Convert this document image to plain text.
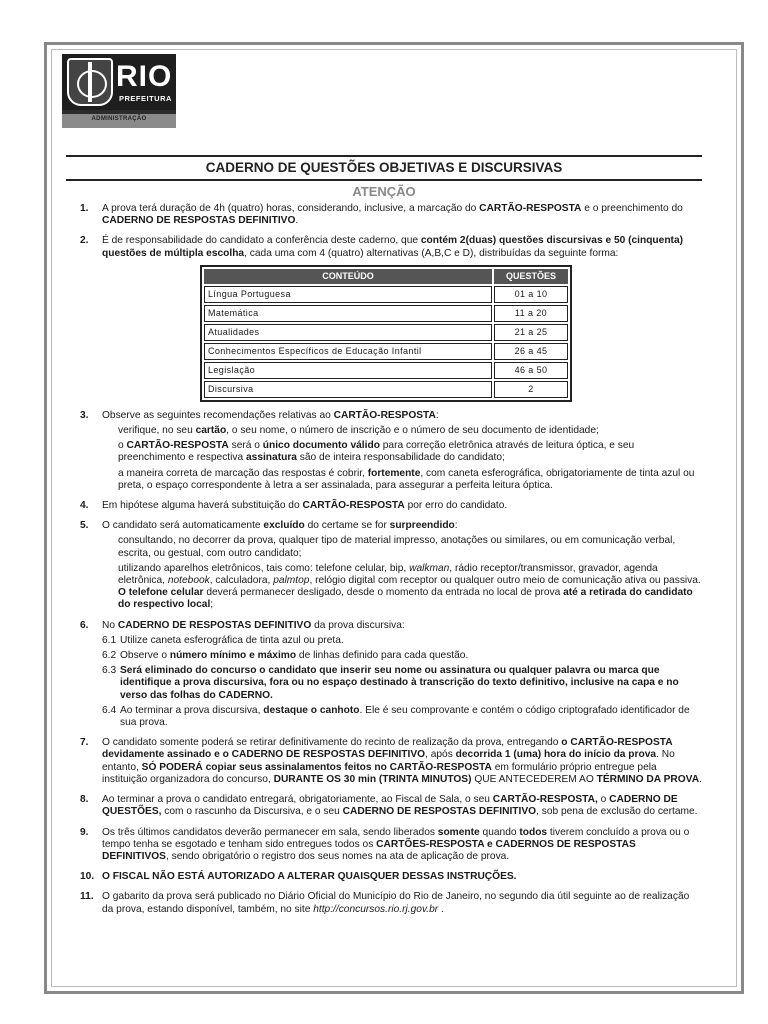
RIO
PREFEITURA
ADMINISTRAÇÃO
CADERNO DE QUESTÕES OBJETIVAS E DISCURSIVAS
ATENÇÃO
1. A prova terá duração de 4h (quatro) horas, considerando, inclusive, a marcação do CARTÃO-RESPOSTA e o preenchimento do CADERNO DE RESPOSTAS DEFINITIVO.
2. É de responsabilidade do candidato a conferência deste caderno, que contém 2(duas) questões discursivas e 50 (cinquenta) questões de múltipla escolha, cada uma com 4 (quatro) alternativas (A,B,C e D), distribuídas da seguinte forma:
CONTEÚDO	QUESTÕES
Língua Portuguesa	01 a 10
Matemática	11 a 20
Atualidades	21 a 25
Conhecimentos Específicos de Educação Infantil	26 a 45
Legislação	46 a 50
Discursiva	2
3. Observe as seguintes recomendações relativas ao CARTÃO-RESPOSTA:

verifique, no seu cartão, o seu nome, o número de inscrição e o número de seu documento de identidade;

o CARTÃO-RESPOSTA será o único documento válido para correção eletrônica através de leitura óptica, e seu preenchimento e respectiva assinatura são de inteira responsabilidade do candidato;

a maneira correta de marcação das respostas é cobrir, fortemente, com caneta esferográfica, obrigatoriamente de tinta azul ou preta, o espaço correspondente à letra a ser assinalada, para assegurar a perfeita leitura óptica.

4. Em hipótese alguma haverá substituição do CARTÃO-RESPOSTA por erro do candidato.
5. O candidato será automaticamente excluído do certame se for surpreendido:

consultando, no decorrer da prova, qualquer tipo de material impresso, anotações ou similares, ou em comunicação verbal, escrita, ou gestual, com outro candidato;

utilizando aparelhos eletrônicos, tais como: telefone celular, bip, walkman, rádio receptor/transmissor, gravador, agenda eletrônica, notebook, calculadora, palmtop, relógio digital com receptor ou qualquer outro meio de comunicação ativa ou passiva. O telefone celular deverá permanecer desligado, desde o momento da entrada no local de prova até a retirada do candidato do respectivo local;

6. No CADERNO DE RESPOSTAS DEFINITIVO da prova discursiva:
6.1 Utilize caneta esferográfica de tinta azul ou preta.
6.2 Observe o número mínimo e máximo de linhas definido para cada questão.
6.3 Será eliminado do concurso o candidato que inserir seu nome ou assinatura ou qualquer palavra ou marca que identifique a prova discursiva, fora ou no espaço destinado à transcrição do texto definitivo, inclusive na capa e no verso das folhas do CADERNO.
6.4 Ao terminar a prova discursiva, destaque o canhoto. Ele é seu comprovante e contém o código criptografado identificador de sua prova.
7. O candidato somente poderá se retirar definitivamente do recinto de realização da prova, entregando o CARTÃO-RESPOSTA devidamente assinado e o CADERNO DE RESPOSTAS DEFINITIVO, após decorrida 1 (uma) hora do início da prova. No entanto, SÓ PODERÁ copiar seus assinalamentos feitos no CARTÃO-RESPOSTA em formulário próprio entregue pela instituição organizadora do concurso, DURANTE OS 30 min (TRINTA MINUTOS) QUE ANTECEDEREM AO TÉRMINO DA PROVA.
8. Ao terminar a prova o candidato entregará, obrigatoriamente, ao Fiscal de Sala, o seu CARTÃO-RESPOSTA, o CADERNO DE QUESTÕES, com o rascunho da Discursiva, e o seu CADERNO DE RESPOSTAS DEFINITIVO, sob pena de exclusão do certame.
9. Os três últimos candidatos deverão permanecer em sala, sendo liberados somente quando todos tiverem concluído a prova ou o tempo tenha se esgotado e tenham sido entregues todos os CARTÕES-RESPOSTA e CADERNOS DE RESPOSTAS DEFINITIVOS, sendo obrigatório o registro dos seus nomes na ata de aplicação de prova.
10. O FISCAL NÃO ESTÁ AUTORIZADO A ALTERAR QUAISQUER DESSAS INSTRUÇÕES.
11. O gabarito da prova será publicado no Diário Oficial do Município do Rio de Janeiro, no segundo dia útil seguinte ao de realização da prova, estando disponível, também, no site http://concursos.rio.rj.gov.br .
